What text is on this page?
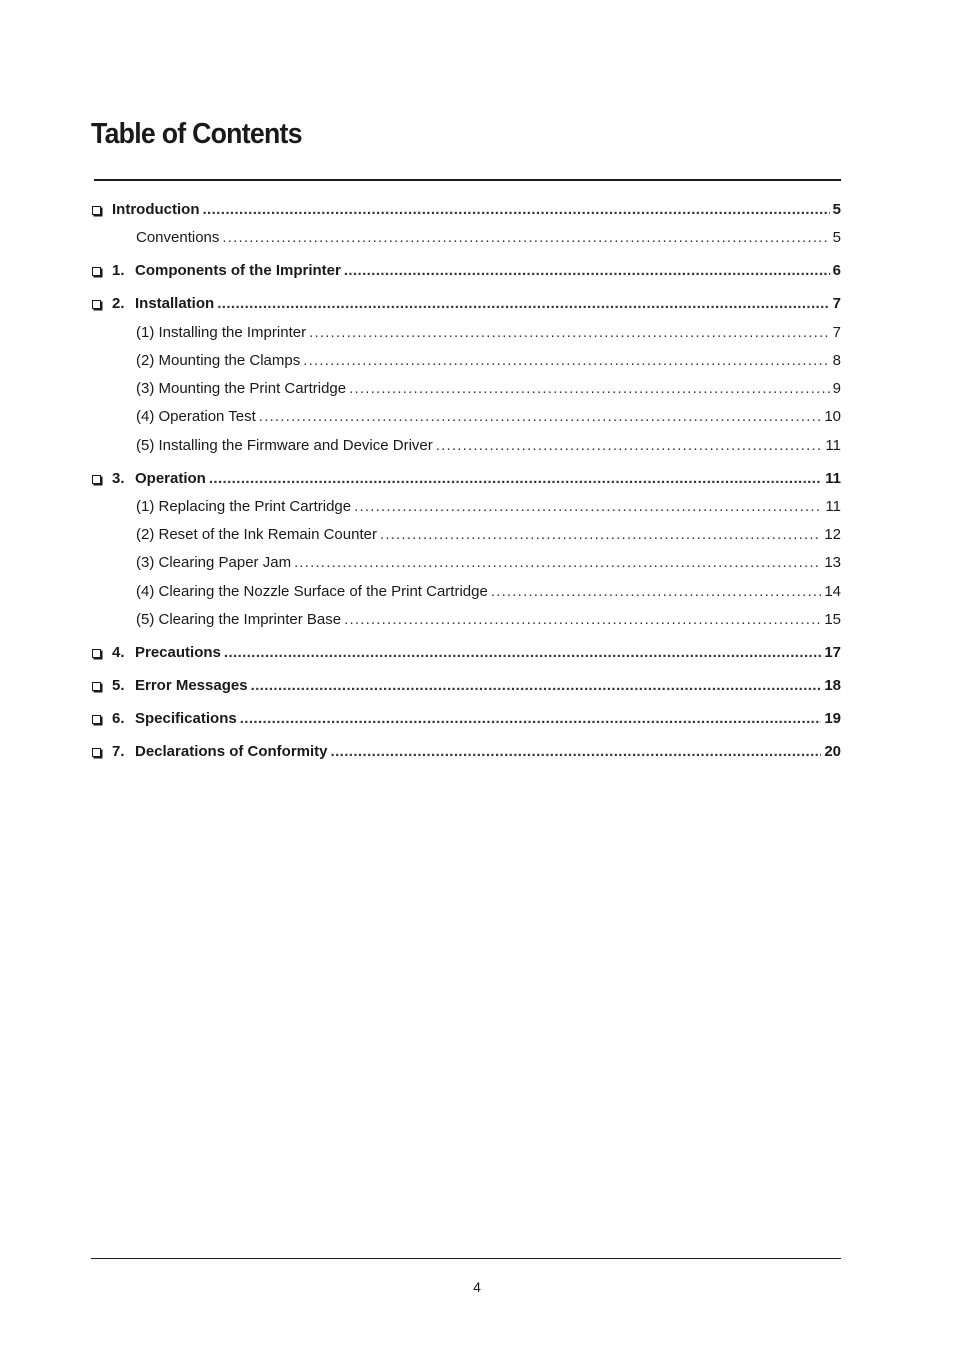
Table of Contents
Introduction .....	5
Conventions .....	5
1. Components of the Imprinter .....	6
2. Installation .....	7
(1) Installing the Imprinter .....	7
(2) Mounting the Clamps .....	8
(3) Mounting the Print Cartridge .....	9
(4) Operation Test .....	10
(5) Installing the Firmware and Device Driver .....	11
3. Operation .....	11
(1) Replacing the Print Cartridge .....	11
(2) Reset of the Ink Remain Counter .....	12
(3) Clearing Paper Jam .....	13
(4) Clearing the Nozzle Surface of the Print Cartridge .....	14
(5) Clearing the Imprinter Base .....	15
4. Precautions .....	17
5. Error Messages .....	18
6. Specifications .....	19
7. Declarations of Conformity .....	20
4
